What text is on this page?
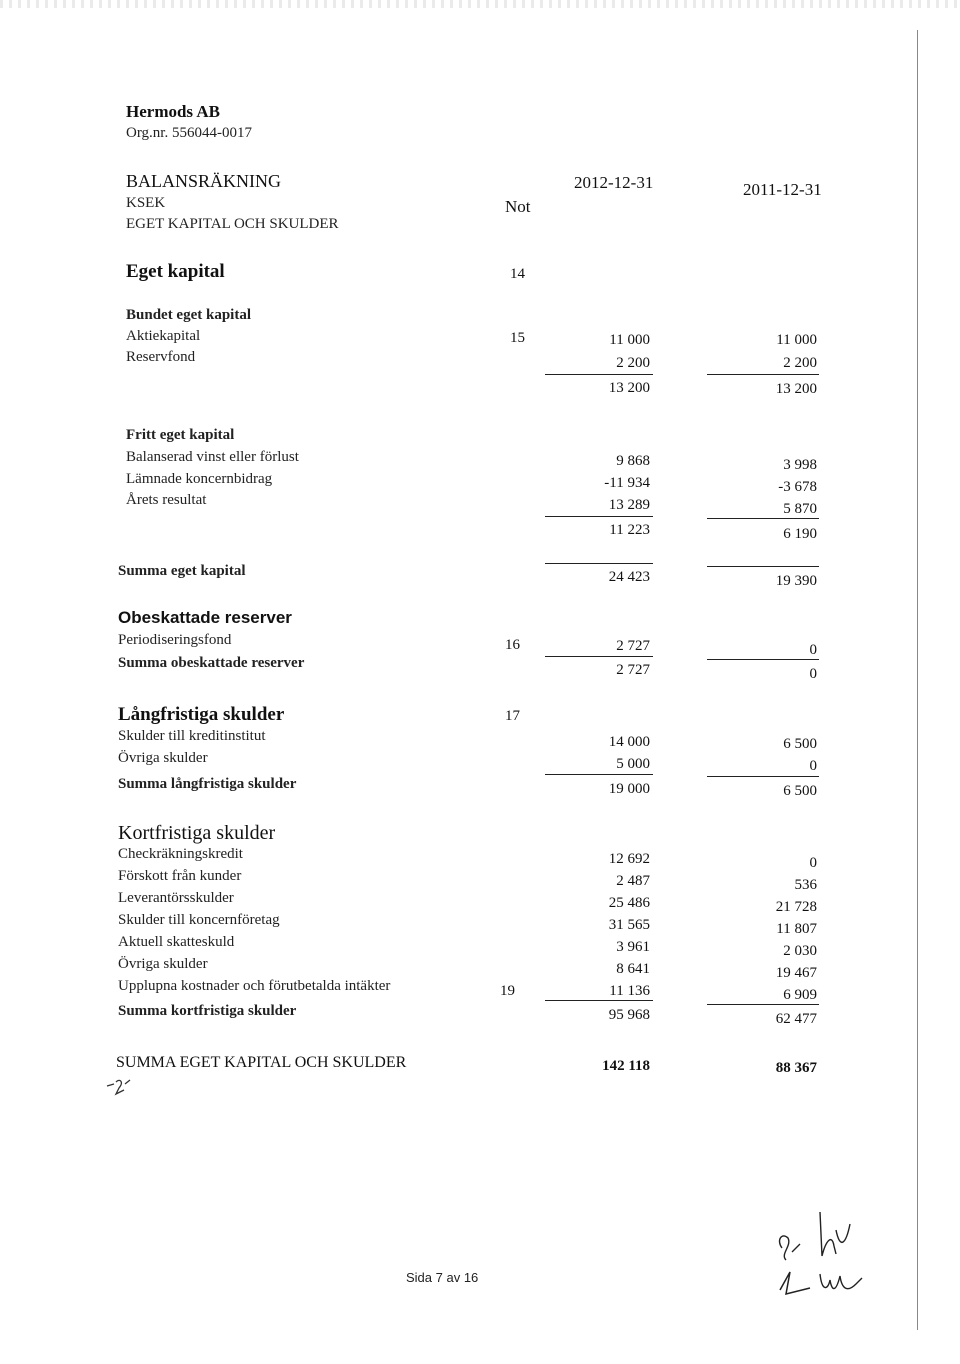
Hermods AB
Org.nr. 556044-0017
BALANSRÄKNING
KSEK
EGET KAPITAL OCH SKULDER
Not
2012-12-31	2011-12-31
Eget kapital	14
Bundet eget kapital
Aktiekapital	15	11 000	11 000
Reservfond	2 200	2 200
13 200	13 200
Fritt eget kapital
Balanserad vinst eller förlust	9 868	3 998
Lämnade koncernbidrag	-11 934	-3 678
Årets resultat	13 289	5 870
11 223	6 190
Summa eget kapital	24 423	19 390
Obeskattade reserver
Periodiseringsfond	16	2 727	0
Summa obeskattade reserver	2 727	0
Långfristiga skulder	17
Skulder till kreditinstitut	14 000	6 500
Övriga skulder	5 000	0
Summa långfristiga skulder	19 000	6 500
Kortfristiga skulder
Checkräkningskredit	12 692	0
Förskott från kunder	2 487	536
Leverantörsskulder	25 486	21 728
Skulder till koncernföretag	31 565	11 807
Aktuell skatteskuld	3 961	2 030
Övriga skulder	8 641	19 467
Upplupna kostnader och förutbetalda intäkter	19	11 136	6 909
Summa kortfristiga skulder	95 968	62 477
SUMMA EGET KAPITAL OCH SKULDER	142 118	88 367
Sida 7 av 16
